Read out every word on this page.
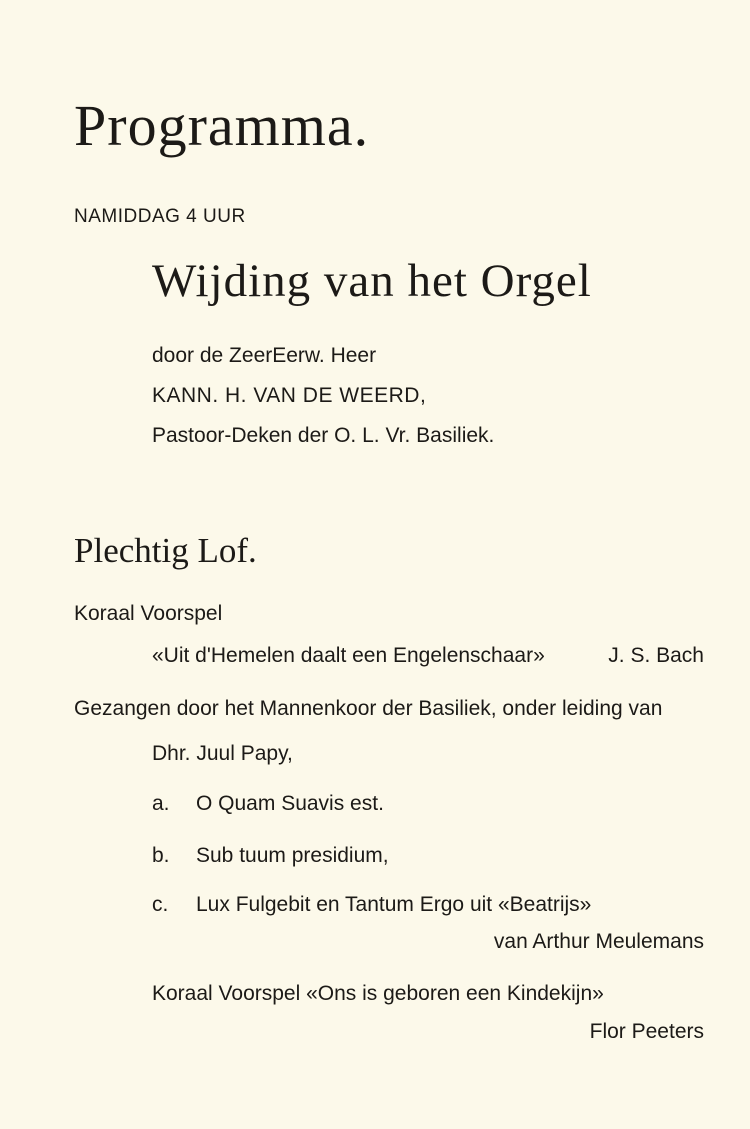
Programma.
NAMIDDAG 4 UUR
Wijding van het Orgel
door de ZeerEerw. Heer
KANN. H. VAN DE WEERD,
Pastoor-Deken der O. L. Vr. Basiliek.
Plechtig Lof.
Koraal Voorspel
«Uit d'Hemelen daalt een Engelenschaar»	J. S. Bach
Gezangen door het Mannenkoor der Basiliek, onder leiding van
Dhr. Juul Papy,
a. O Quam Suavis est.
b. Sub tuum presidium,
c. Lux Fulgebit en Tantum Ergo uit «Beatrijs»
van Arthur Meulemans
Koraal Voorspel «Ons is geboren een Kindekijn»
Flor Peeters
